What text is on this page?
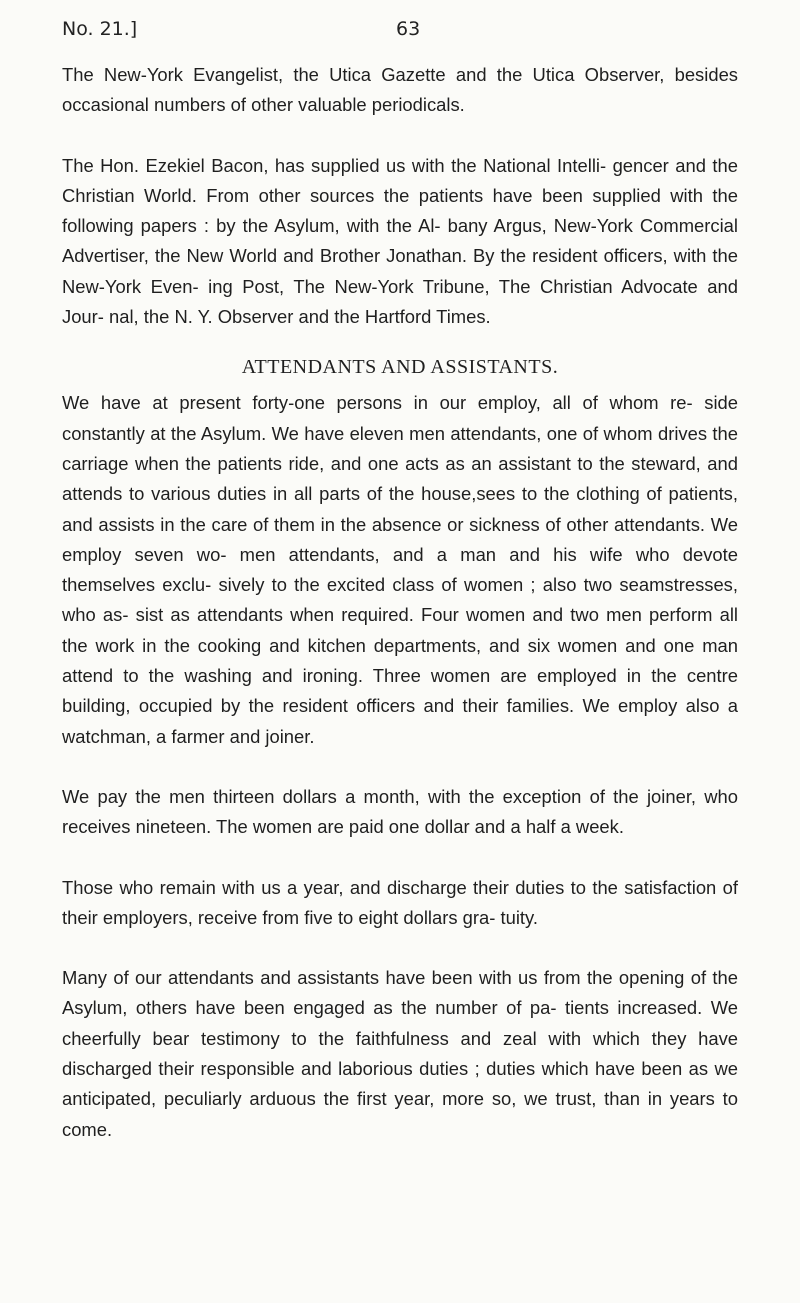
No. 21.]	63

The New-York Evangelist, the Utica Gazette and the Utica Observer, besides occasional numbers of other valuable periodicals.

The Hon. Ezekiel Bacon, has supplied us with the National Intelli- gencer and the Christian World. From other sources the patients have been supplied with the following papers : by the Asylum, with the Al- bany Argus, New-York Commercial Advertiser, the New World and Brother Jonathan. By the resident officers, with the New-York Even- ing Post, The New-York Tribune, The Christian Advocate and Jour- nal, the N. Y. Observer and the Hartford Times.

ATTENDANTS AND ASSISTANTS.

We have at present forty-one persons in our employ, all of whom re- side constantly at the Asylum. We have eleven men attendants, one of whom drives the carriage when the patients ride, and one acts as an assistant to the steward, and attends to various duties in all parts of the house,sees to the clothing of patients, and assists in the care of them in the absence or sickness of other attendants. We employ seven wo- men attendants, and a man and his wife who devote themselves exclu- sively to the excited class of women ; also two seamstresses, who as- sist as attendants when required. Four women and two men perform all the work in the cooking and kitchen departments, and six women and one man attend to the washing and ironing. Three women are employed in the centre building, occupied by the resident officers and their families. We employ also a watchman, a farmer and joiner.

We pay the men thirteen dollars a month, with the exception of the joiner, who receives nineteen. The women are paid one dollar and a half a week.

Those who remain with us a year, and discharge their duties to the satisfaction of their employers, receive from five to eight dollars gra- tuity.

Many of our attendants and assistants have been with us from the opening of the Asylum, others have been engaged as the number of pa- tients increased. We cheerfully bear testimony to the faithfulness and zeal with which they have discharged their responsible and laborious duties ; duties which have been as we anticipated, peculiarly arduous the first year, more so, we trust, than in years to come.
